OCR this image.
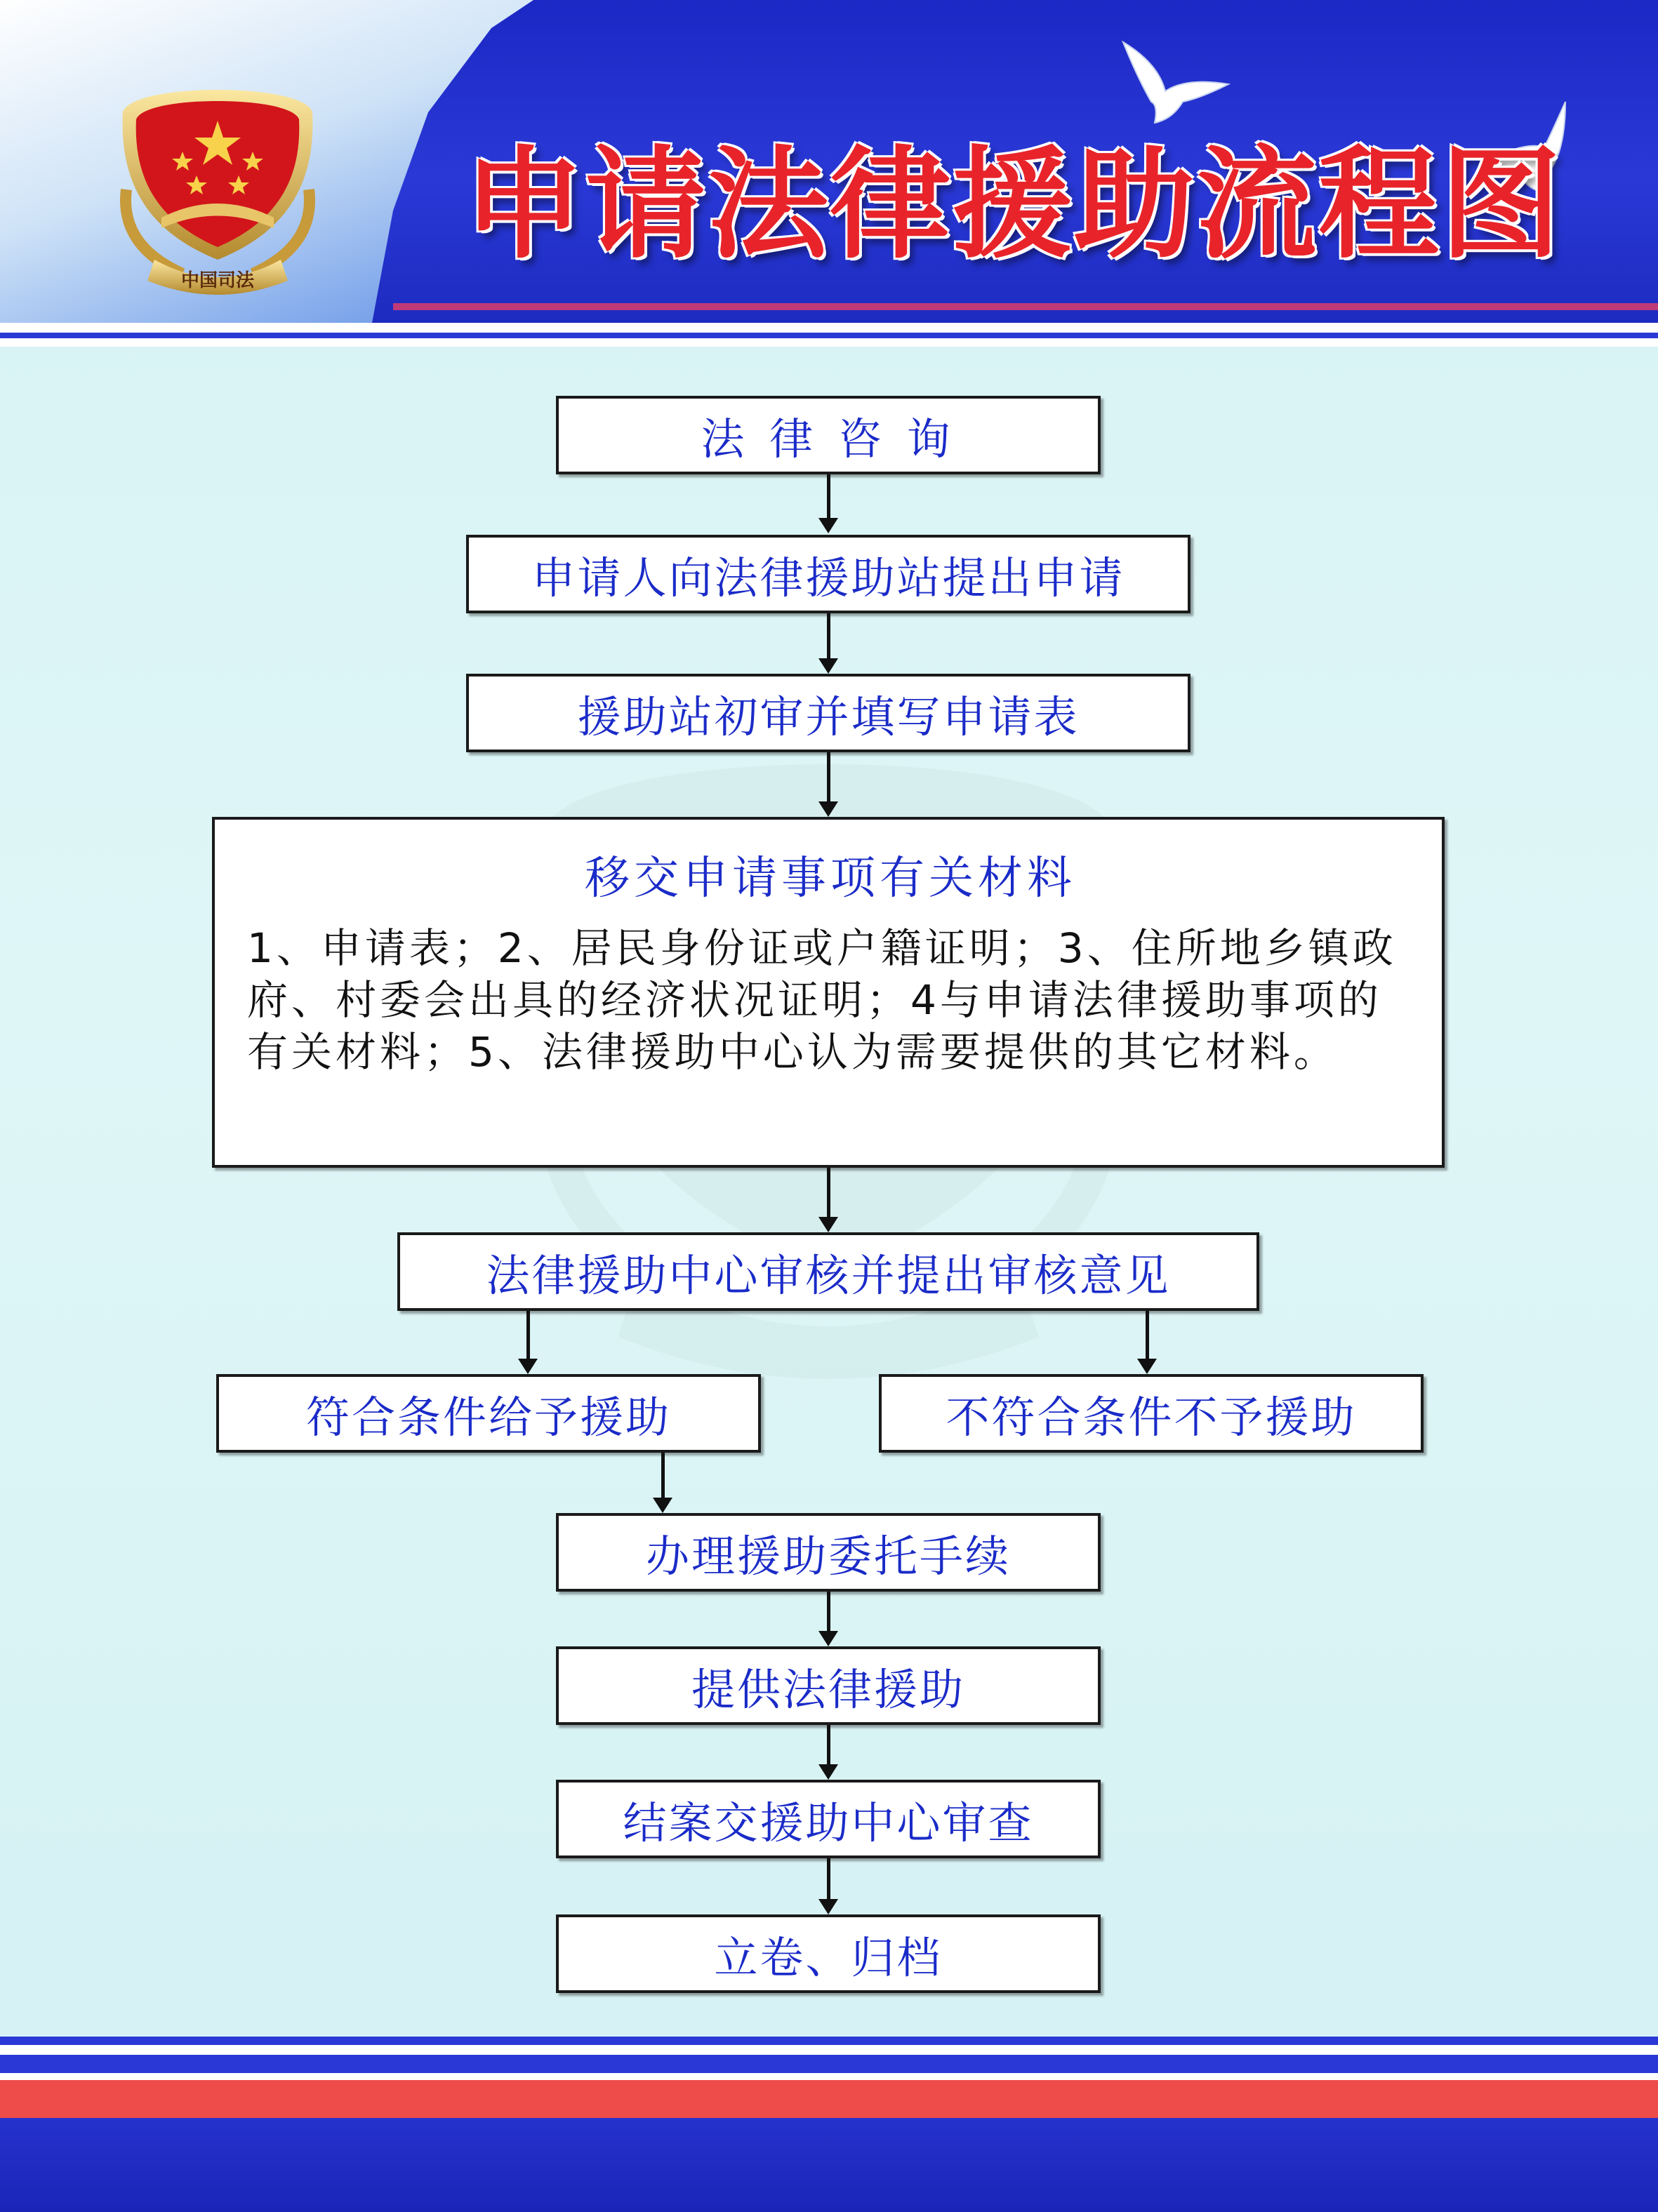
中国司法
申请法律援助流程图
法 律 咨 询
申请人向法律援助站提出申请
援助站初审并填写申请表
移交申请事项有关材料
1、申请表；2、居民身份证或户籍证明；3、住所地乡镇政府、村委会出具的经济状况证明；4与申请法律援助事项的有关材料；5、法律援助中心认为需要提供的其它材料。
法律援助中心审核并提出审核意见
符合条件给予援助	不符合条件不予援助
办理援助委托手续
提供法律援助
结案交援助中心审查
立卷、归档
